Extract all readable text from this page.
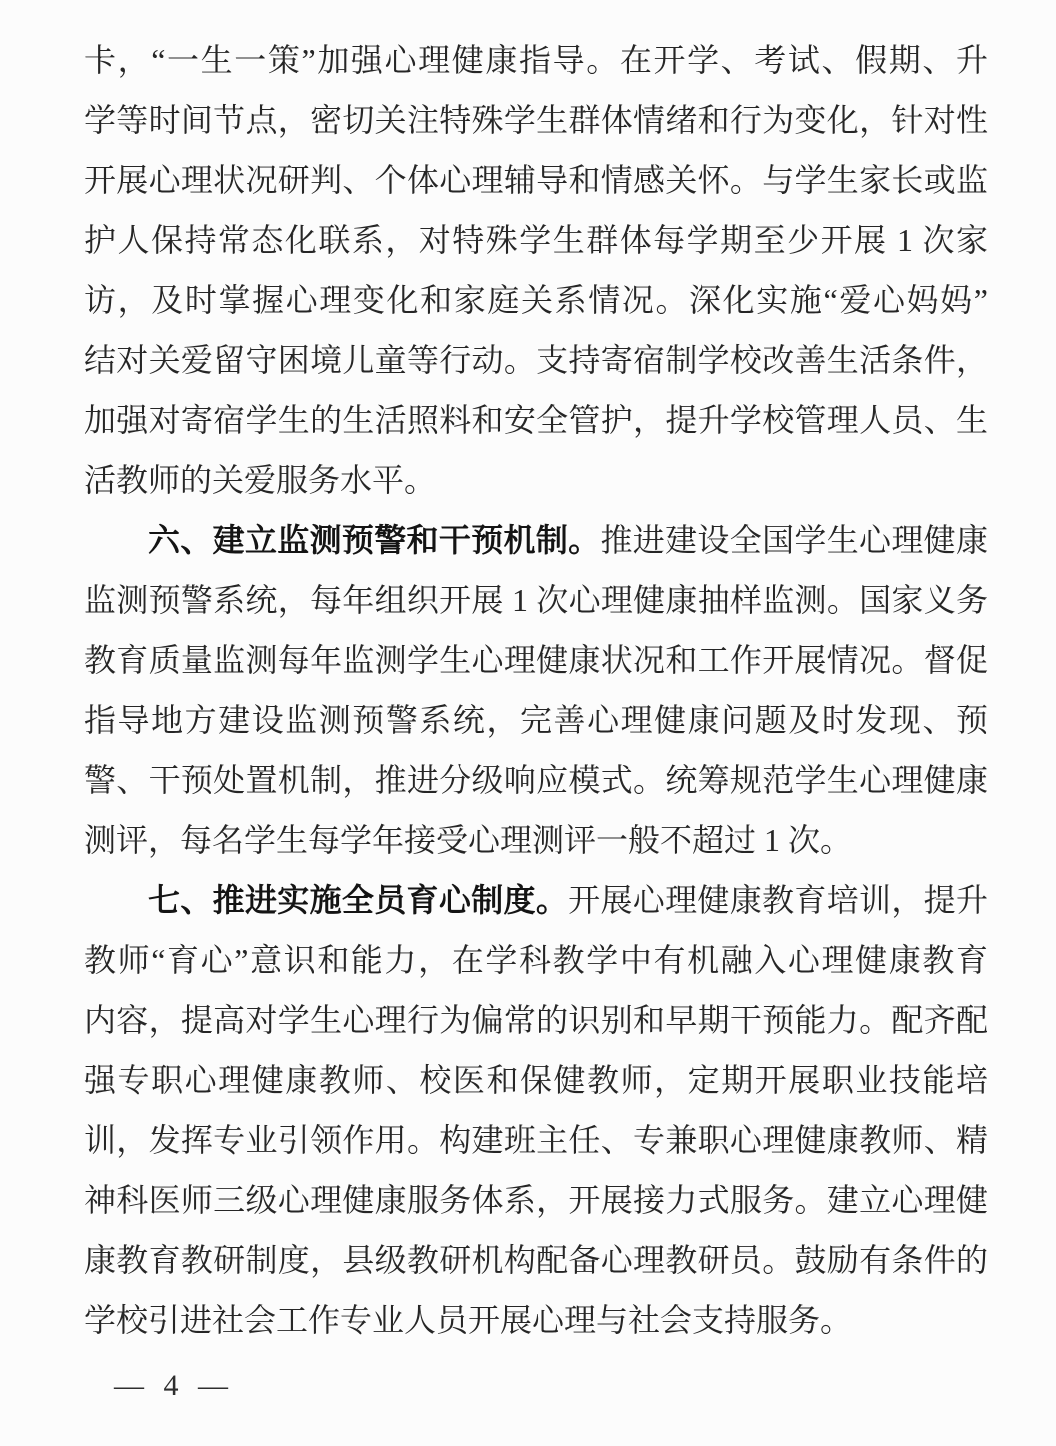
卡，“一生一策”加强心理健康指导。在开学、考试、假期、升
学等时间节点，密切关注特殊学生群体情绪和行为变化，针对性
开展心理状况研判、个体心理辅导和情感关怀。与学生家长或监
护人保持常态化联系，对特殊学生群体每学期至少开展 1 次家
访，及时掌握心理变化和家庭关系情况。深化实施“爱心妈妈”
结对关爱留守困境儿童等行动。支持寄宿制学校改善生活条件，
加强对寄宿学生的生活照料和安全管护，提升学校管理人员、生
活教师的关爱服务水平。
六、建立监测预警和干预机制。推进建设全国学生心理健康
监测预警系统，每年组织开展 1 次心理健康抽样监测。国家义务
教育质量监测每年监测学生心理健康状况和工作开展情况。督促
指导地方建设监测预警系统，完善心理健康问题及时发现、预
警、干预处置机制，推进分级响应模式。统筹规范学生心理健康
测评，每名学生每学年接受心理测评一般不超过 1 次。
七、推进实施全员育心制度。开展心理健康教育培训，提升
教师“育心”意识和能力，在学科教学中有机融入心理健康教育
内容，提高对学生心理行为偏常的识别和早期干预能力。配齐配
强专职心理健康教师、校医和保健教师，定期开展职业技能培
训，发挥专业引领作用。构建班主任、专兼职心理健康教师、精
神科医师三级心理健康服务体系，开展接力式服务。建立心理健
康教育教研制度，县级教研机构配备心理教研员。鼓励有条件的
学校引进社会工作专业人员开展心理与社会支持服务。
— 4 —
